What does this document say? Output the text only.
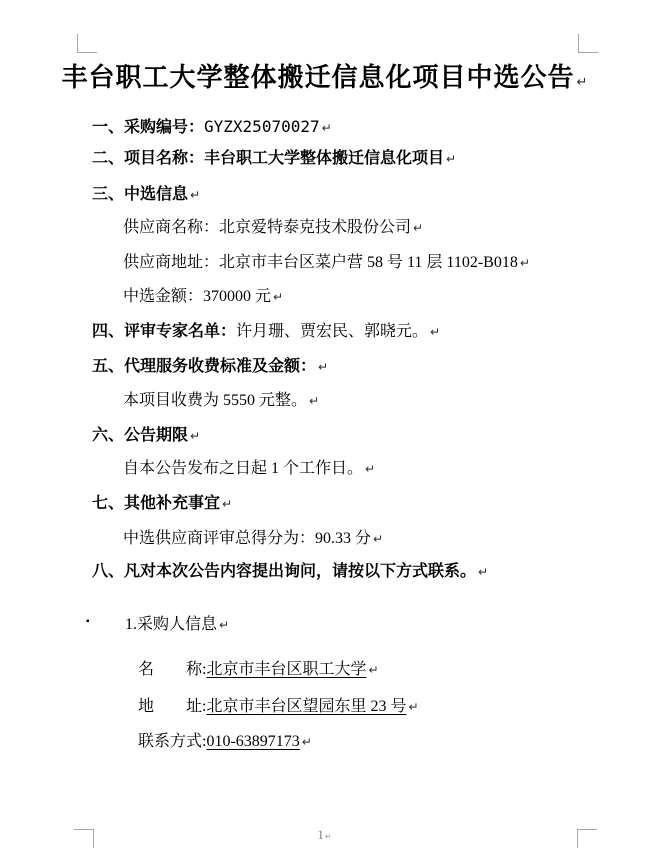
丰台职工大学整体搬迁信息化项目中选公告 ↵
一、采购编号：GYZX25070027 ↵
二、项目名称：丰台职工大学整体搬迁信息化项目 ↵
三、中选信息 ↵
供应商名称：北京爱特泰克技术股份公司 ↵
供应商地址：北京市丰台区菜户营 58 号 11 层 1102-B018 ↵
中选金额：370000 元 ↵
四、评审专家名单：许月珊、贾宏民、郭晓元。 ↵
五、代理服务收费标准及金额： ↵
本项目收费为 5550 元整。 ↵
六、公告期限 ↵
自本公告发布之日起 1 个工作日。 ↵
七、其他补充事宜 ↵
中选供应商评审总得分为：90.33 分 ↵
八、凡对本次公告内容提出询问，请按以下方式联系。 ↵
▪ 1.采购人信息 ↵
名　　称:北京市丰台区职工大学 ↵
地　　址:北京市丰台区望园东里 23 号 ↵
联系方式:010-63897173 ↵
1↵
